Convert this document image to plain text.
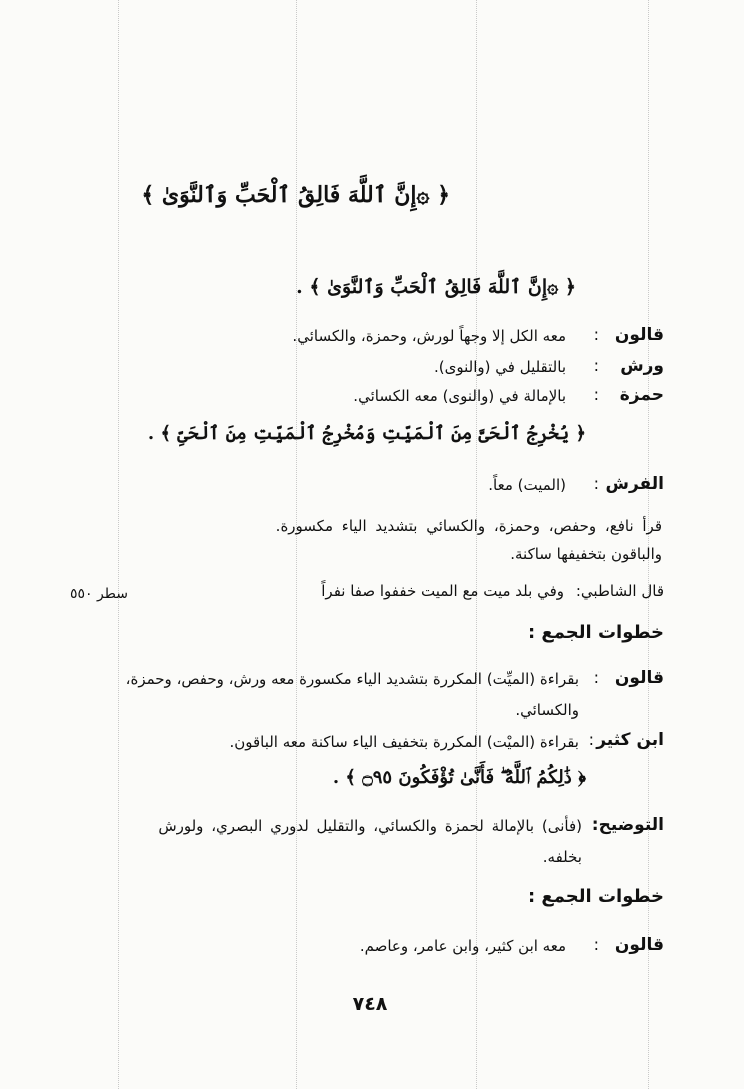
﴿ ۞إِنَّ ٱللَّهَ فَالِقُ ٱلْحَبِّ وَٱلنَّوَىٰ ﴾
﴿ ۞إِنَّ ٱللَّهَ فَالِقُ ٱلْحَبِّ وَٱلنَّوَىٰ ﴾ .
قالون
:
معه الكل إلا وجهاً لورش، وحمزة، والكسائي.
ورش
:
بالتقليل في (والنوى).
حمزة
:
بالإمالة في (والنوى) معه الكسائي.
﴿ يُخْرِجُ ٱلْحَىَّ مِنَ ٱلْمَيِّتِ وَمُخْرِجُ ٱلْمَيِّتِ مِنَ ٱلْحَىِّ ﴾ .
الفرش
:
(الميت) معاً.
قرأ نافع، وحفص، وحمزة، والكسائي بتشديد الياء مكسورة.
والباقون بتخفيفها ساكنة.
قال الشاطبي:
وفي بلد ميت مع الميت خففوا صفا نفراً
سطر ٥٥٠
خطوات الجمع :
قالون
:
بقراءة (الميِّت) المكررة بتشديد الياء مكسورة معه ورش، وحفص، وحمزة،
والكسائي.
ابن كثير
:
بقراءة (الميْت) المكررة بتخفيف الياء ساكنة معه الباقون.
﴿ ذَٰلِكُمُ ٱللَّهُ ۖ فَأَنَّىٰ تُؤْفَكُونَ ۝٩٥ ﴾ .
التوضيح:
(فأنى) بالإمالة لحمزة والكسائي، والتقليل لدوري البصري، ولورش
بخلفه.
خطوات الجمع :
قالون
:
معه ابن كثير، وابن عامر، وعاصم.
٧٤٨
